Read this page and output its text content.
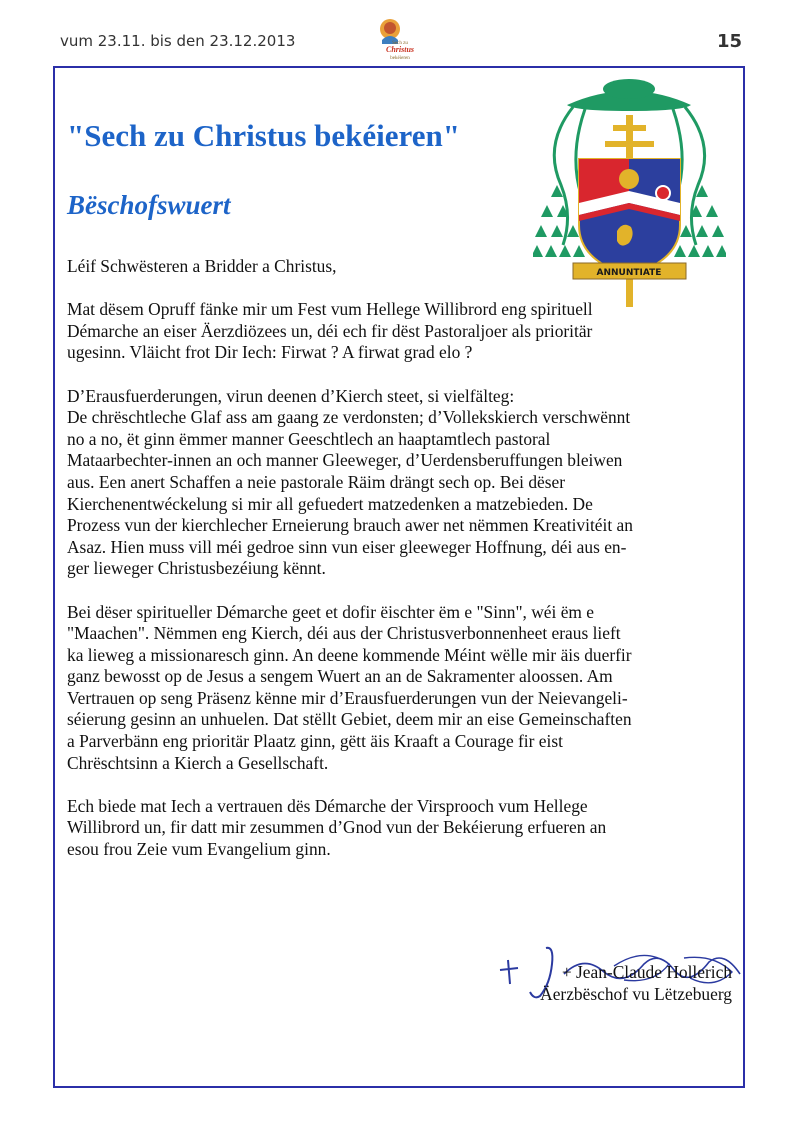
vum 23.11. bis den 23.12.2013	Sech zu
Christus
bekéieren
15
"Sech zu Christus bekéieren"
Bëschofswuert
ANNUNTIATE

Léif Schwësteren a Bridder a Christus,

Mat dësem Opruff fänke mir um Fest vum Hellege Willibrord eng spirituell
Démarche an eiser Äerzdiözees un, déi ech fir dëst Pastoraljoer als prioritär
ugesinn. Vläicht frot Dir Iech: Firwat ? A firwat grad elo ?

D’Erausfuerderungen, virun deenen d’Kierch steet, si vielfälteg:
De chrëschtleche Glaf ass am gaang ze verdonsten; d’Vollekskierch verschwënnt
no a no, ët ginn ëmmer manner Geeschtlech an haaptamtlech pastoral
Mataarbechter-innen an och manner Gleeweger, d’Uerdensberuffungen bleiwen
aus. Een anert Schaffen a neie pastorale Räim drängt sech op. Bei dëser
Kierchenentwéckelung si mir all gefuedert matzedenken a matzebieden. De
Prozess vun der kierchlecher Erneierung brauch awer net nëmmen Kreativitéit an
Asaz. Hien muss vill méi gedroe sinn vun eiser gleeweger Hoffnung, déi aus en-
ger lieweger Christusbezéiung kënnt.

Bei dëser spiritueller Démarche geet et dofir ëischter ëm e "Sinn", wéi ëm e
"Maachen". Nëmmen eng Kierch, déi aus der Christusverbonnenheet eraus lieft
ka lieweg a missionaresch ginn. An deene kommende Méint wëlle mir äis duerfir
ganz bewosst op de Jesus a sengem Wuert an an de Sakramenter aloossen. Am
Vertrauen op seng Präsenz kënne mir d’Erausfuerderungen vun der Neievangeli-
séierung gesinn an unhuelen. Dat stëllt Gebiet, deem mir an eise Gemeinschaften
a Parverbänn eng prioritär Plaatz ginn, gëtt äis Kraaft a Courage fir eist
Chrëschtsinn a Kierch a Gesellschaft.

Ech biede mat Iech a vertrauen dës Démarche der Virsprooch vum Hellege
Willibrord un, fir datt mir zesummen d’Gnod vun der Bekéierung erfueren an
esou frou Zeie vum Evangelium ginn.

+ Jean-Claude Hollerich
Äerzbëschof vu Lëtzebuerg
